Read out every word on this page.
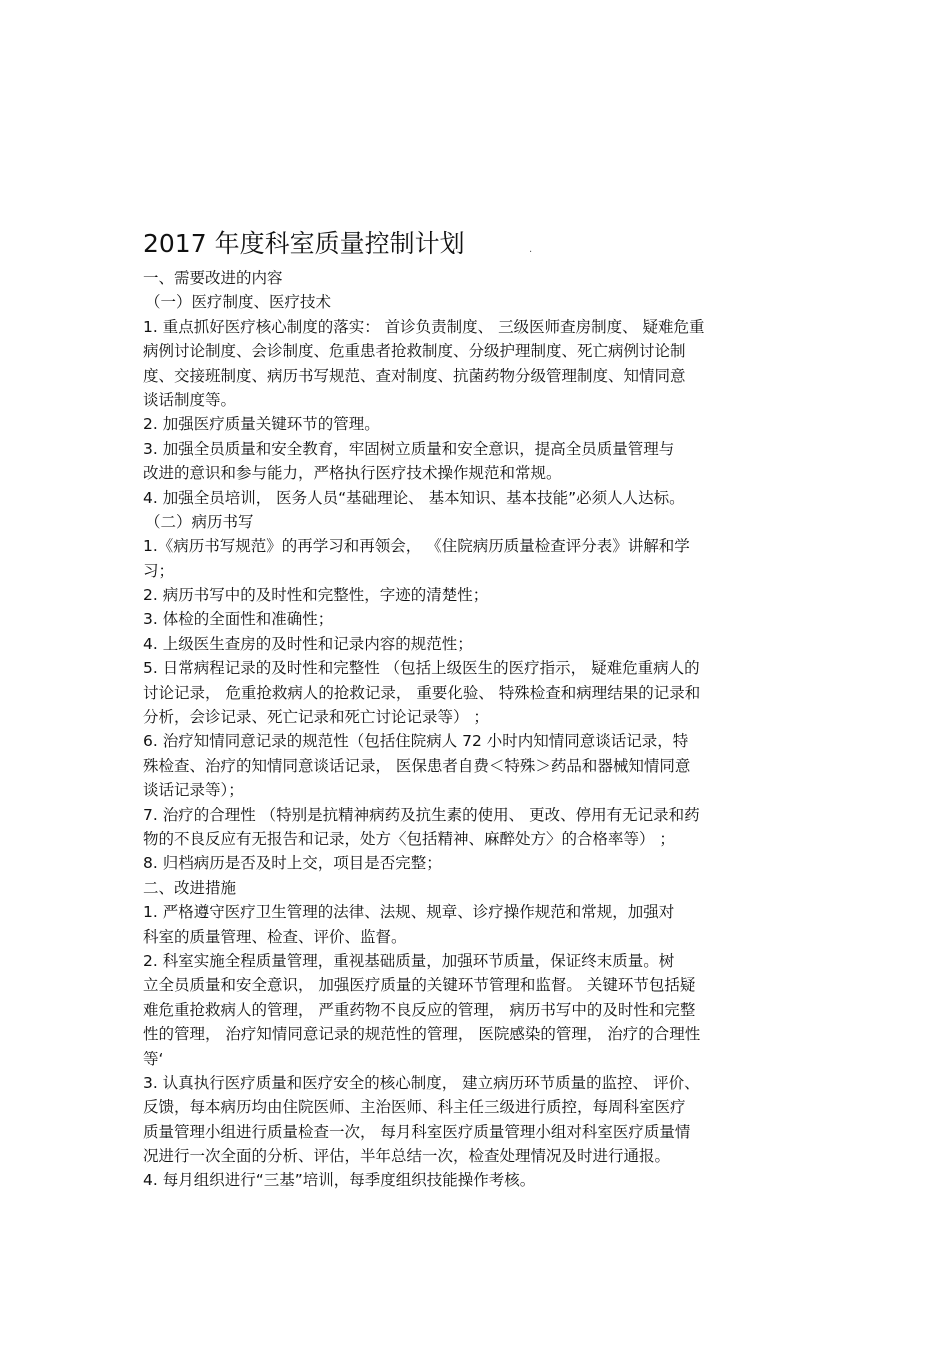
2017 年度科室质量控制计划	.
一、需要改进的内容
（一）医疗制度、医疗技术
1. 重点抓好医疗核心制度的落实： 首诊负责制度、 三级医师查房制度、 疑难危重
病例讨论制度、会诊制度、危重患者抢救制度、分级护理制度、死亡病例讨论制
度、交接班制度、病历书写规范、查对制度、抗菌药物分级管理制度、知情同意
谈话制度等。
2. 加强医疗质量关键环节的管理。
3. 加强全员质量和安全教育，牢固树立质量和安全意识，提高全员质量管理与
改进的意识和参与能力，严格执行医疗技术操作规范和常规。
4. 加强全员培训， 医务人员“基础理论、 基本知识、基本技能”必须人人达标。
（二）病历书写
1.《病历书写规范》的再学习和再领会， 《住院病历质量检查评分表》讲解和学
习；
2. 病历书写中的及时性和完整性，字迹的清楚性；
3. 体检的全面性和准确性；
4. 上级医生查房的及时性和记录内容的规范性；
5. 日常病程记录的及时性和完整性 （包括上级医生的医疗指示， 疑难危重病人的
讨论记录， 危重抢救病人的抢救记录， 重要化验、 特殊检查和病理结果的记录和
分析，会诊记录、死亡记录和死亡讨论记录等） ；
6. 治疗知情同意记录的规范性（包括住院病人 72 小时内知情同意谈话记录，特
殊检查、治疗的知情同意谈话记录， 医保患者自费＜特殊＞药品和器械知情同意
谈话记录等）；
7. 治疗的合理性 （特别是抗精神病药及抗生素的使用、 更改、停用有无记录和药
物的不良反应有无报告和记录，处方〈包括精神、麻醉处方〉的合格率等） ；
8. 归档病历是否及时上交，项目是否完整；
二、改进措施
1. 严格遵守医疗卫生管理的法律、法规、规章、诊疗操作规范和常规，加强对
科室的质量管理、检查、评价、监督。
2. 科室实施全程质量管理，重视基础质量，加强环节质量，保证终末质量。树
立全员质量和安全意识， 加强医疗质量的关键环节管理和监督。 关键环节包括疑
难危重抢救病人的管理， 严重药物不良反应的管理， 病历书写中的及时性和完整
性的管理， 治疗知情同意记录的规范性的管理， 医院感染的管理， 治疗的合理性
等‘
3. 认真执行医疗质量和医疗安全的核心制度， 建立病历环节质量的监控、 评价、
反馈，每本病历均由住院医师、主治医师、科主任三级进行质控，每周科室医疗
质量管理小组进行质量检查一次， 每月科室医疗质量管理小组对科室医疗质量情
况进行一次全面的分析、评估，半年总结一次，检查处理情况及时进行通报。
4. 每月组织进行“三基”培训，每季度组织技能操作考核。
